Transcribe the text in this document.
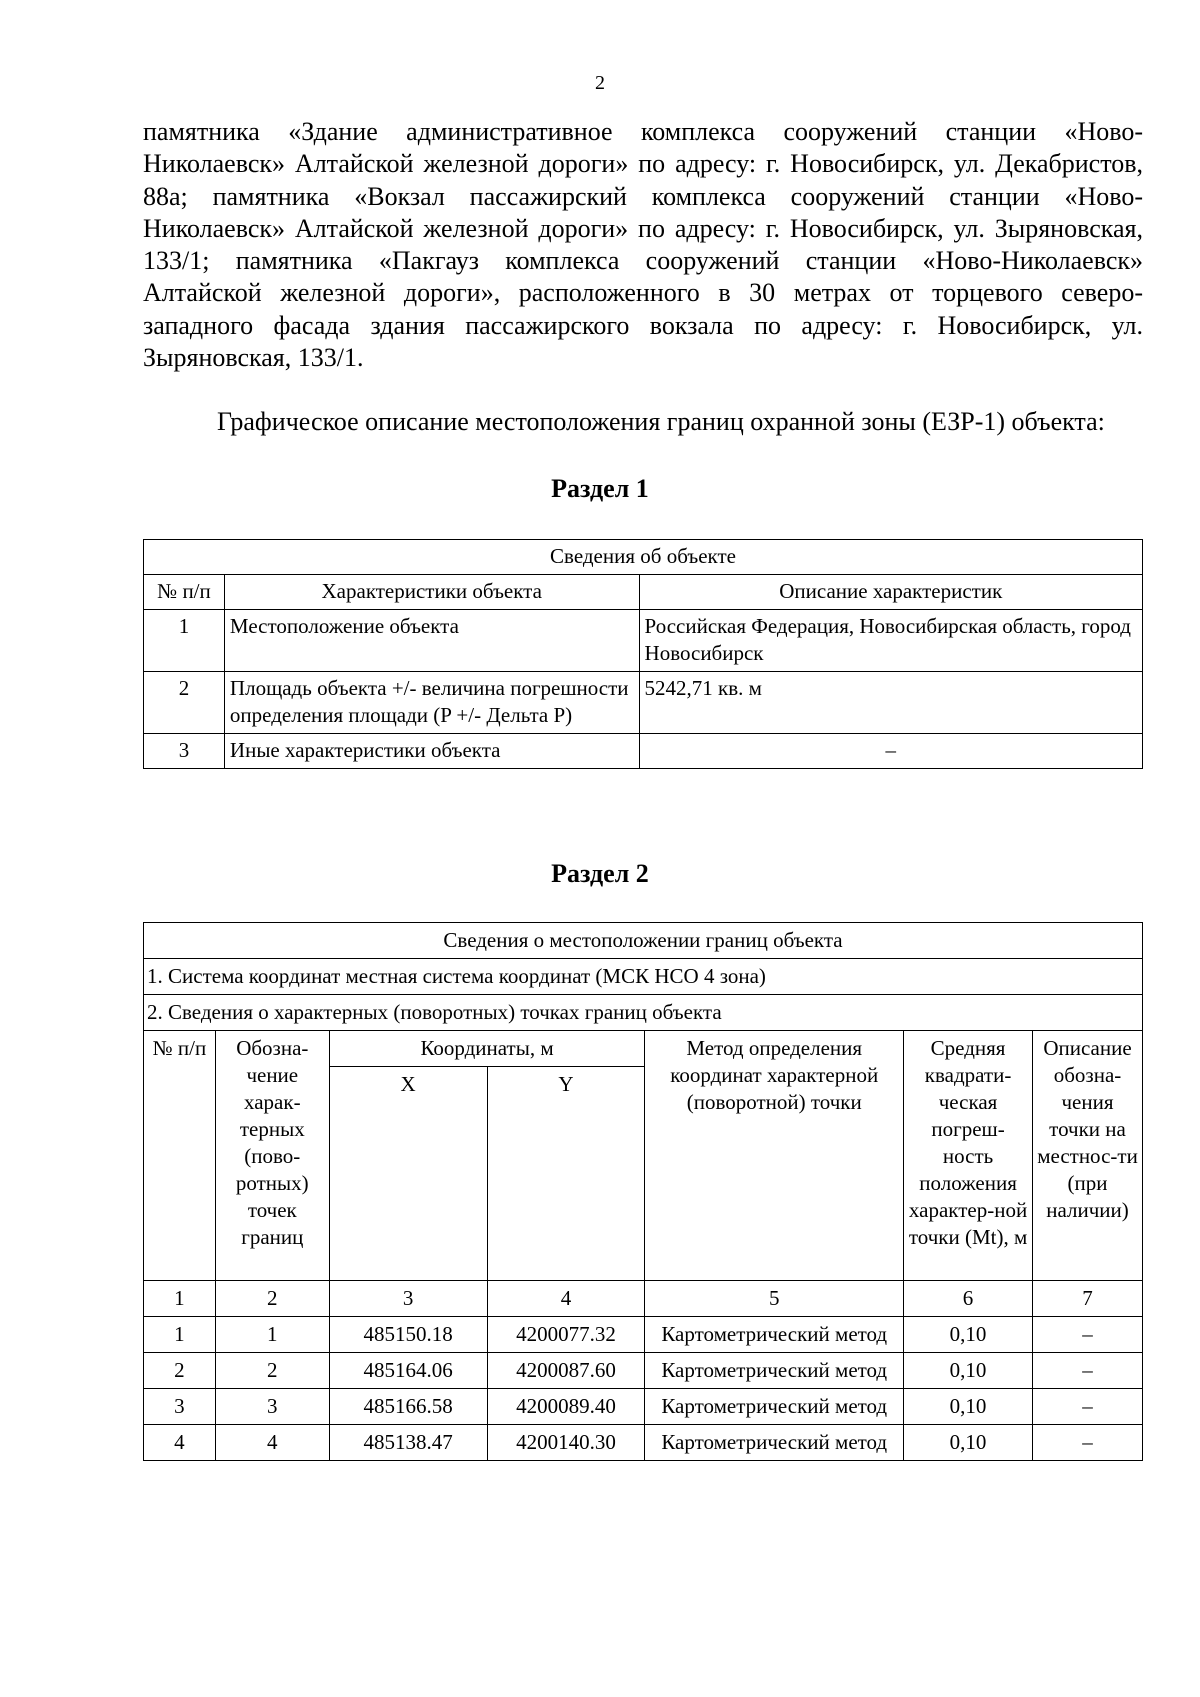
2

памятника «Здание административное комплекса сооружений станции «Ново-Николаевск» Алтайской железной дороги» по адресу: г. Новосибирск, ул. Декабристов, 88а; памятника «Вокзал пассажирский комплекса сооружений станции «Ново-Николаевск» Алтайской железной дороги» по адресу: г. Новосибирск, ул. Зыряновская, 133/1; памятника «Пакгауз комплекса сооружений станции «Ново-Николаевск» Алтайской железной дороги», расположенного в 30 метрах от торцевого северо-западного фасада здания пассажирского вокзала по адресу: г. Новосибирск, ул. Зыряновская, 133/1.

Графическое описание местоположения границ охранной зоны (ЕЗР-1) объекта:

Раздел 1
Сведения об объекте		
№ п/п	Характеристики объекта	Описание характеристик
1	Местоположение объекта	Российская Федерация, Новосибирская область, город Новосибирск
2	Площадь объекта +/- величина погрешности определения площади (P +/- Дельта P)	5242,71 кв. м
3	Иные характеристики объекта	–
Раздел 2
Сведения о местоположении границ объекта						
1. Система координат местная система координат (МСК НСО 4 зона)						
2. Сведения о характерных (поворотных) точках границ объекта						
№ п/п	Обозна-чение харак-терных (пово-ротных) точек границ	Координаты, м		Метод определения координат характерной (поворотной) точки	Средняя квадрати-ческая погреш-ность положения характер-ной точки (Mt), м	Описание обозна-чения точки на местнос-ти (при наличии)
		X	Y			
1	2	3	4	5	6	7
1	1	485150.18	4200077.32	Картометрический метод	0,10	–
2	2	485164.06	4200087.60	Картометрический метод	0,10	–
3	3	485166.58	4200089.40	Картометрический метод	0,10	–
4	4	485138.47	4200140.30	Картометрический метод	0,10	–
